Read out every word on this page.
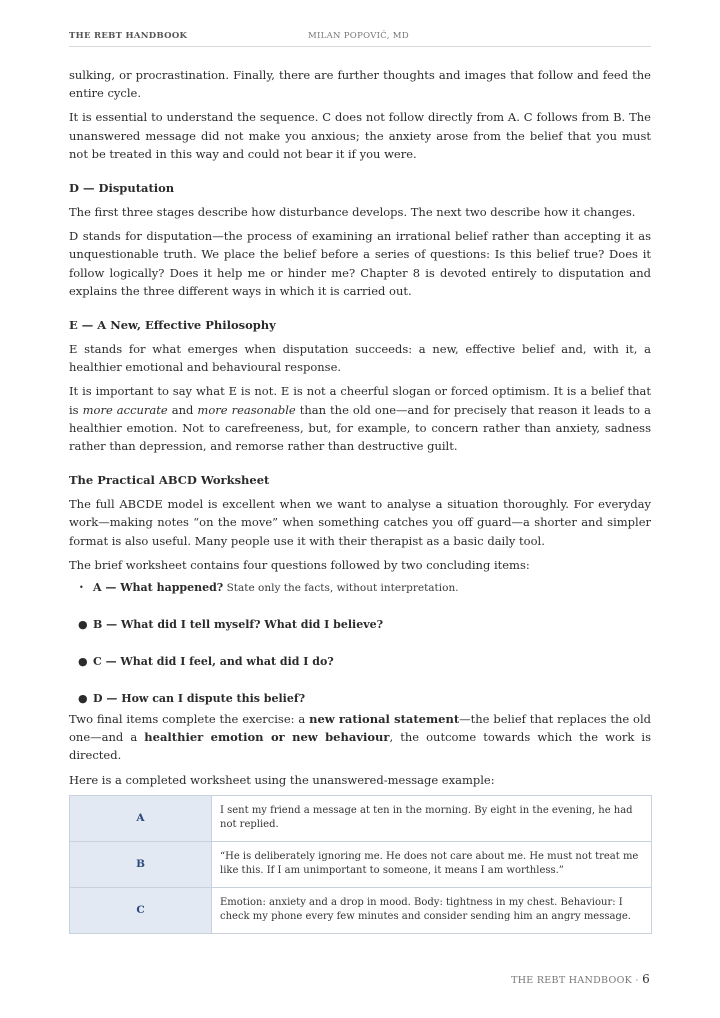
THE REBT HANDBOOK	MILAN POPOVIĆ, MD

sulking, or procrastination. Finally, there are further thoughts and images that follow and feed the entire cycle.

It is essential to understand the sequence. C does not follow directly from A. C follows from B. The unanswered message did not make you anxious; the anxiety arose from the belief that you must not be treated in this way and could not bear it if you were.

D — Disputation

The first three stages describe how disturbance develops. The next two describe how it changes.

D stands for disputation—the process of examining an irrational belief rather than accepting it as unquestionable truth. We place the belief before a series of questions: Is this belief true? Does it follow logically? Does it help me or hinder me? Chapter 8 is devoted entirely to disputation and explains the three different ways in which it is carried out.

E — A New, Effective Philosophy

E stands for what emerges when disputation succeeds: a new, effective belief and, with it, a healthier emotional and behavioural response.

It is important to say what E is not. E is not a cheerful slogan or forced optimism. It is a belief that is more accurate and more reasonable than the old one—and for precisely that reason it leads to a healthier emotion. Not to carefreeness, but, for example, to concern rather than anxiety, sadness rather than depression, and remorse rather than destructive guilt.

The Practical ABCD Worksheet

The full ABCDE model is excellent when we want to analyse a situation thoroughly. For everyday work—making notes “on the move” when something catches you off guard—a shorter and simpler format is also useful. Many people use it with their therapist as a basic daily tool.

The brief worksheet contains four questions followed by two concluding items:

• A — What happened? State only the facts, without interpretation.
● B — What did I tell myself? What did I believe?
● C — What did I feel, and what did I do?
● D — How can I dispute this belief?

Two final items complete the exercise: a new rational statement—the belief that replaces the old one—and a healthier emotion or new behaviour, the outcome towards which the work is directed.

Here is a completed worksheet using the unanswered-message example:

A	I sent my friend a message at ten in the morning. By eight in the evening, he had not replied.
B	“He is deliberately ignoring me. He does not care about me. He must not treat me like this. If I am unimportant to someone, it means I am worthless.”
C	Emotion: anxiety and a drop in mood. Body: tightness in my chest. Behaviour: I check my phone every few minutes and consider sending him an angry message.
THE REBT HANDBOOK · 6
